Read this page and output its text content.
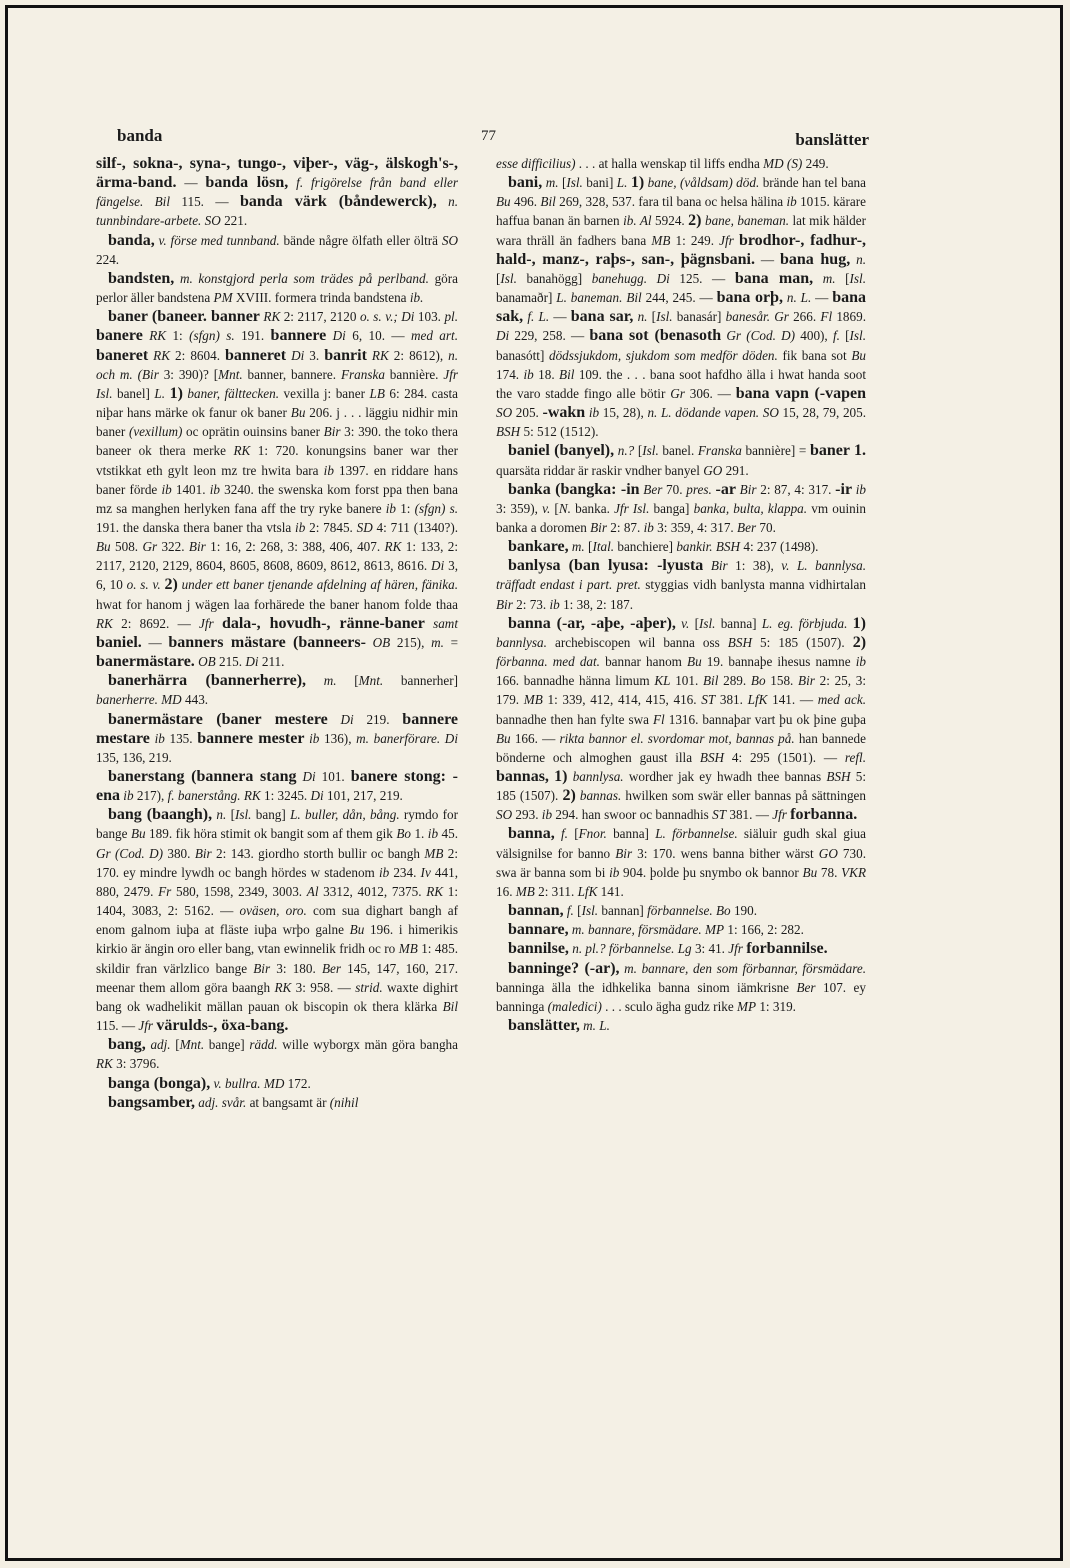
banda	77	banslätter

silf-, sokna-, syna-, tungo-, viþer-, väg-, älskogh's-, ärma-band. — banda lösn, f. frigörelse från band eller fängelse. Bil 115. — banda värk (båndewerck), n. tunnbindare-arbete. SO 221.

banda, v. förse med tunnband. bände någre ölfath eller ölträ SO 224.

bandsten, m. konstgjord perla som trädes på perlband. göra perlor äller bandstena PM XVIII. formera trinda bandstena ib.

baner (baneer. banner RK 2: 2117, 2120 o. s. v.; Di 103. pl. banere RK 1: (sfgn) s. 191. bannere Di 6, 10. — med art. baneret RK 2: 8604. banneret Di 3. banrit RK 2: 8612), n. och m. (Bir 3: 390)? [Mnt. banner, bannere. Franska bannière. Jfr Isl. banel] L. 1) baner, fälttecken. vexilla j: baner LB 6: 284. casta niþar hans märke ok fanur ok baner Bu 206. j . . . läggiu nidhir min baner (vexillum) oc oprätin ouinsins baner Bir 3: 390. the toko thera baneer ok thera merke RK 1: 720. konungsins baner war ther vtstikkat eth gylt leon mz tre hwita bara ib 1397. en riddare hans baner förde ib 1401. ib 3240. the swenska kom forst ppa then bana mz sa manghen herlyken fana aff the try ryke banere ib 1: (sfgn) s. 191. the danska thera baner tha vtsla ib 2: 7845. SD 4: 711 (1340?). Bu 508. Gr 322. Bir 1: 16, 2: 268, 3: 388, 406, 407. RK 1: 133, 2: 2117, 2120, 2129, 8604, 8605, 8608, 8609, 8612, 8613, 8616. Di 3, 6, 10 o. s. v. 2) under ett baner tjenande afdelning af hären, fänika. hwat for hanom j wägen laa forhärede the baner hanom folde thaa RK 2: 8692. — Jfr dala-, hovudh-, ränne-baner samt baniel. — banners mästare (banneers- OB 215), m. = banermästare. OB 215. Di 211.

banerhärra (bannerherre), m. [Mnt. bannerher] banerherre. MD 443.

banermästare (baner mestere Di 219. bannere mestare ib 135. bannere mester ib 136), m. banerförare. Di 135, 136, 219.

banerstang (bannera stang Di 101. banere stong: -ena ib 217), f. banerstång. RK 1: 3245. Di 101, 217, 219.

bang (baangh), n. [Isl. bang] L. buller, dån, bång. rymdo for bange Bu 189. fik höra stimit ok bangit som af them gik Bo 1. ib 45. Gr (Cod. D) 380. Bir 2: 143. giordho storth bullir oc bangh MB 2: 170. ey mindre lywdh oc bangh hördes w stadenom ib 234. Iv 441, 880, 2479. Fr 580, 1598, 2349, 3003. Al 3312, 4012, 7375. RK 1: 1404, 3083, 2: 5162. — oväsen, oro. com sua dighart bangh af enom galnom iuþa at fläste iuþa wrþo galne Bu 196. i himerikis kirkio är ängin oro eller bang, vtan ewinnelik fridh oc ro MB 1: 485. skildir fran värlzlico bange Bir 3: 180. Ber 145, 147, 160, 217. meenar them allom göra baangh RK 3: 958. — strid. waxte dighirt bang ok wadhelikit mällan pauan ok biscopin ok thera klärka Bil 115. — Jfr värulds-, öxa-bang.

bang, adj. [Mnt. bange] rädd. wille wyborgx män göra bangha RK 3: 3796.

banga (bonga), v. bullra. MD 172.

bangsamber, adj. svår. at bangsamt är (nihil

esse difficilius) . . . at halla wenskap til liffs endha MD (S) 249.

bani, m. [Isl. bani] L. 1) bane, (våldsam) död. brände han tel bana Bu 496. Bil 269, 328, 537. fara til bana oc helsa hälina ib 1015. kärare haffua banan än barnen ib. Al 5924. 2) bane, baneman. lat mik hälder wara thräll än fadhers bana MB 1: 249. Jfr brodhor-, fadhur-, hald-, manz-, raþs-, san-, þägnsbani. — bana hug, n. [Isl. banahögg] banehugg. Di 125. — bana man, m. [Isl. banamaðr] L. baneman. Bil 244, 245. — bana orþ, n. L. — bana sak, f. L. — bana sar, n. [Isl. banasár] banesår. Gr 266. Fl 1869. Di 229, 258. — bana sot (benasoth Gr (Cod. D) 400), f. [Isl. banasótt] dödssjukdom, sjukdom som medför döden. fik bana sot Bu 174. ib 18. Bil 109. the . . . bana soot hafdho älla i hwat handa soot the varo stadde fingo alle bötir Gr 306. — bana vapn (-vapen SO 205. -wakn ib 15, 28), n. L. dödande vapen. SO 15, 28, 79, 205. BSH 5: 512 (1512).

baniel (banyel), n.? [Isl. banel. Franska bannière] = baner 1. quarsäta riddar är raskir vndher banyel GO 291.

banka (bangka: -in Ber 70. pres. -ar Bir 2: 87, 4: 317. -ir ib 3: 359), v. [N. banka. Jfr Isl. banga] banka, bulta, klappa. vm ouinin banka a doromen Bir 2: 87. ib 3: 359, 4: 317. Ber 70.

bankare, m. [Ital. banchiere] bankir. BSH 4: 237 (1498).

banlysa (ban lyusa: -lyusta Bir 1: 38), v. L. bannlysa. träffadt endast i part. pret. styggias vidh banlysta manna vidhirtalan Bir 2: 73. ib 1: 38, 2: 187.

banna (-ar, -aþe, -aþer), v. [Isl. banna] L. eg. förbjuda. 1) bannlysa. archebiscopen wil banna oss BSH 5: 185 (1507). 2) förbanna. med dat. bannar hanom Bu 19. bannaþe ihesus namne ib 166. bannadhe hänna limum KL 101. Bil 289. Bo 158. Bir 2: 25, 3: 179. MB 1: 339, 412, 414, 415, 416. ST 381. LfK 141. — med ack. bannadhe then han fylte swa Fl 1316. bannaþar vart þu ok þine guþa Bu 166. — rikta bannor el. svordomar mot, bannas på. han bannede bönderne och almoghen gaust illa BSH 4: 295 (1501). — refl. bannas, 1) bannlysa. wordher jak ey hwadh thee bannas BSH 5: 185 (1507). 2) bannas. hwilken som swär eller bannas på sättningen SO 293. ib 294. han swoor oc bannadhis ST 381. — Jfr forbanna.

banna, f. [Fnor. banna] L. förbannelse. siäluir gudh skal giua välsignilse for banno Bir 3: 170. wens banna bither wärst GO 730. swa är banna som bi ib 904. þolde þu snymbo ok bannor Bu 78. VKR 16. MB 2: 311. LfK 141.

bannan, f. [Isl. bannan] förbannelse. Bo 190.

bannare, m. bannare, försmädare. MP 1: 166, 2: 282.

bannilse, n. pl.? förbannelse. Lg 3: 41. Jfr forbannilse.

banninge? (-ar), m. bannare, den som förbannar, försmädare. banninga älla the idhkelika banna sinom iämkrisne Ber 107. ey banninga (maledici) . . . sculo ägha gudz rike MP 1: 319.

banslätter, m. L.
